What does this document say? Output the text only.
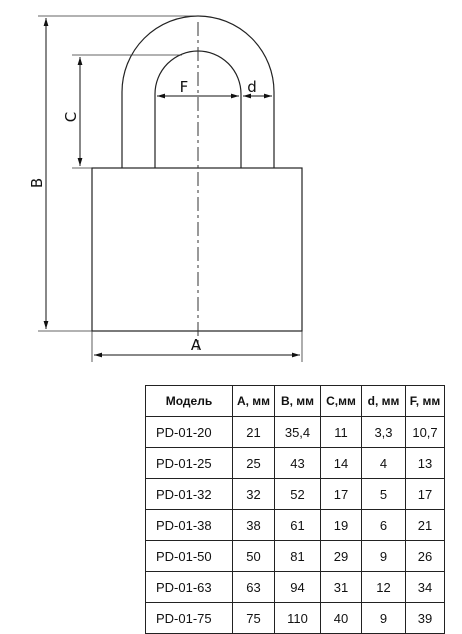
B
C
F	d
A
Модель	A, мм	B, мм	C,мм	d, мм	F, мм
PD-01-20	21	35,4	11	3,3	10,7
PD-01-25	25	43	14	4	13
PD-01-32	32	52	17	5	17
PD-01-38	38	61	19	6	21
PD-01-50	50	81	29	9	26
PD-01-63	63	94	31	12	34
PD-01-75	75	110	40	9	39
